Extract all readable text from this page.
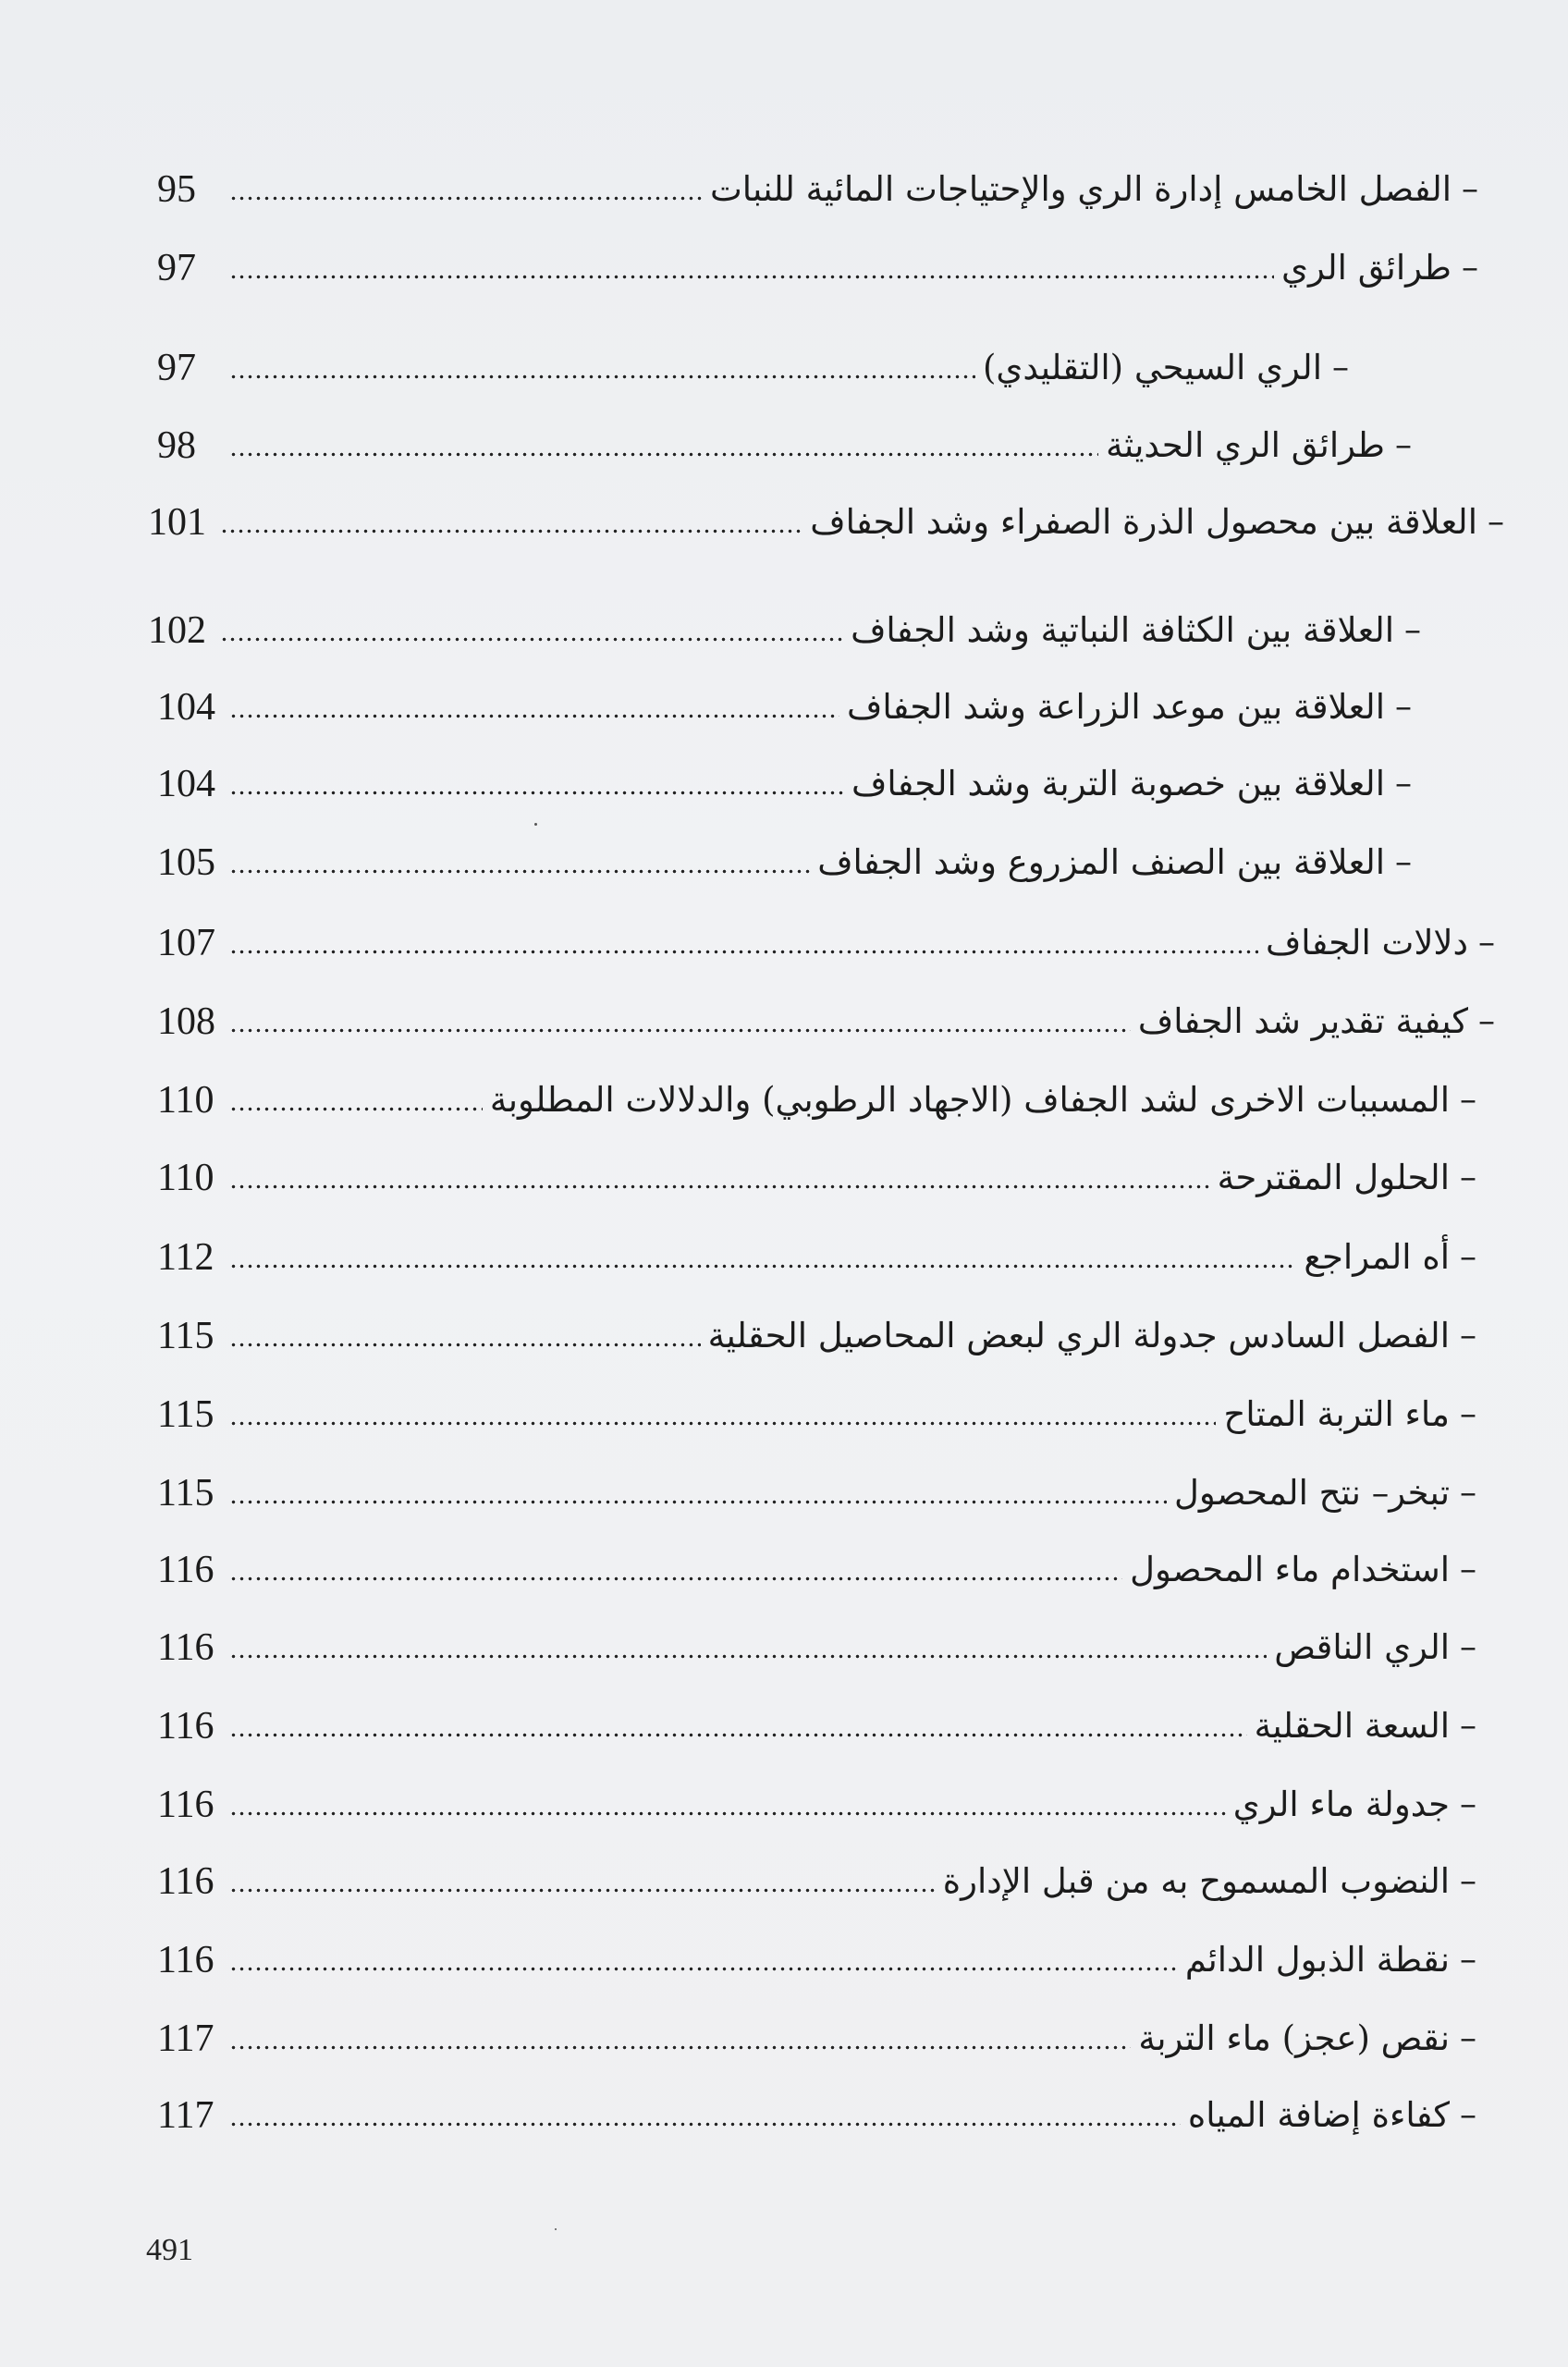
–
الفصل الخامس إدارة الري والإحتياجات المائية للنبات
95
–
طرائق الري
97
–
الري السيحي (التقليدي)
97
–
طرائق الري الحديثة
98
–
العلاقة بين محصول الذرة الصفراء وشد الجفاف
101
–
العلاقة بين الكثافة النباتية وشد الجفاف
102
–
العلاقة بين موعد الزراعة وشد الجفاف
104
–
العلاقة بين خصوبة التربة وشد الجفاف
104
–
العلاقة بين الصنف المزروع وشد الجفاف
105
–
دلالات الجفاف
107
–
كيفية تقدير شد الجفاف
108
–
المسببات الاخرى لشد الجفاف (الاجهاد الرطوبي) والدلالات المطلوبة
110
–
الحلول المقترحة
110
–
أه المراجع
112
–
الفصل السادس جدولة الري لبعض المحاصيل الحقلية
115
–
ماء التربة المتاح
115
–
تبخر– نتح المحصول
115
–
استخدام ماء المحصول
116
–
الري الناقص
116
–
السعة الحقلية
116
–
جدولة ماء الري
116
–
النضوب المسموح به من قبل الإدارة
116
–
نقطة الذبول الدائم
116
–
نقص (عجز) ماء التربة
117
–
كفاءة إضافة المياه
117
491
